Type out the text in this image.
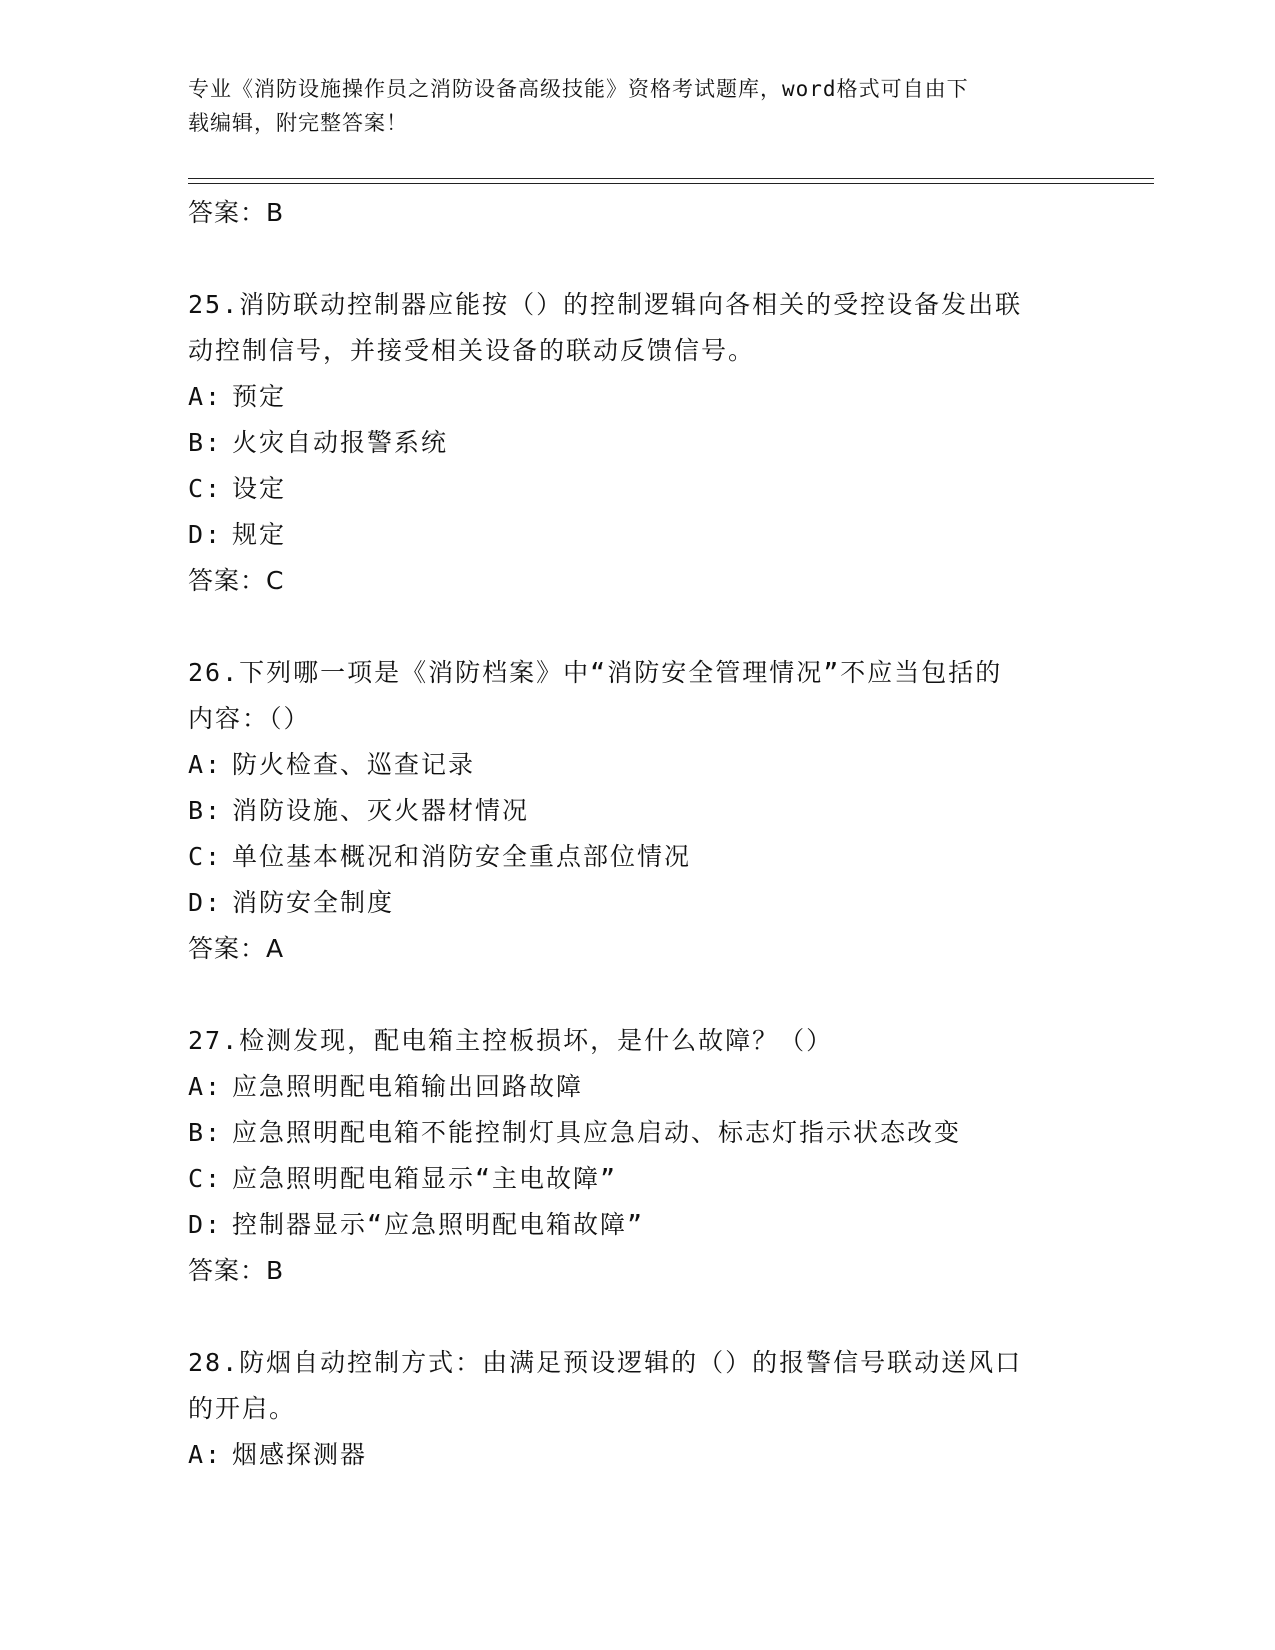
专业《消防设施操作员之消防设备高级技能》资格考试题库，word格式可自由下
载编辑，附完整答案！
答案：B
25.消防联动控制器应能按（）的控制逻辑向各相关的受控设备发出联
动控制信号，并接受相关设备的联动反馈信号。
A: 预定
B: 火灾自动报警系统
C: 设定
D: 规定
答案：C
26.下列哪一项是《消防档案》中“消防安全管理情况”不应当包括的
内容：（）
A: 防火检查、巡查记录
B: 消防设施、灭火器材情况
C: 单位基本概况和消防安全重点部位情况
D: 消防安全制度
答案：A
27.检测发现，配电箱主控板损坏，是什么故障？（）
A: 应急照明配电箱输出回路故障
B: 应急照明配电箱不能控制灯具应急启动、标志灯指示状态改变
C: 应急照明配电箱显示“主电故障”
D: 控制器显示“应急照明配电箱故障”
答案：B
28.防烟自动控制方式：由满足预设逻辑的（）的报警信号联动送风口
的开启。
A: 烟感探测器
